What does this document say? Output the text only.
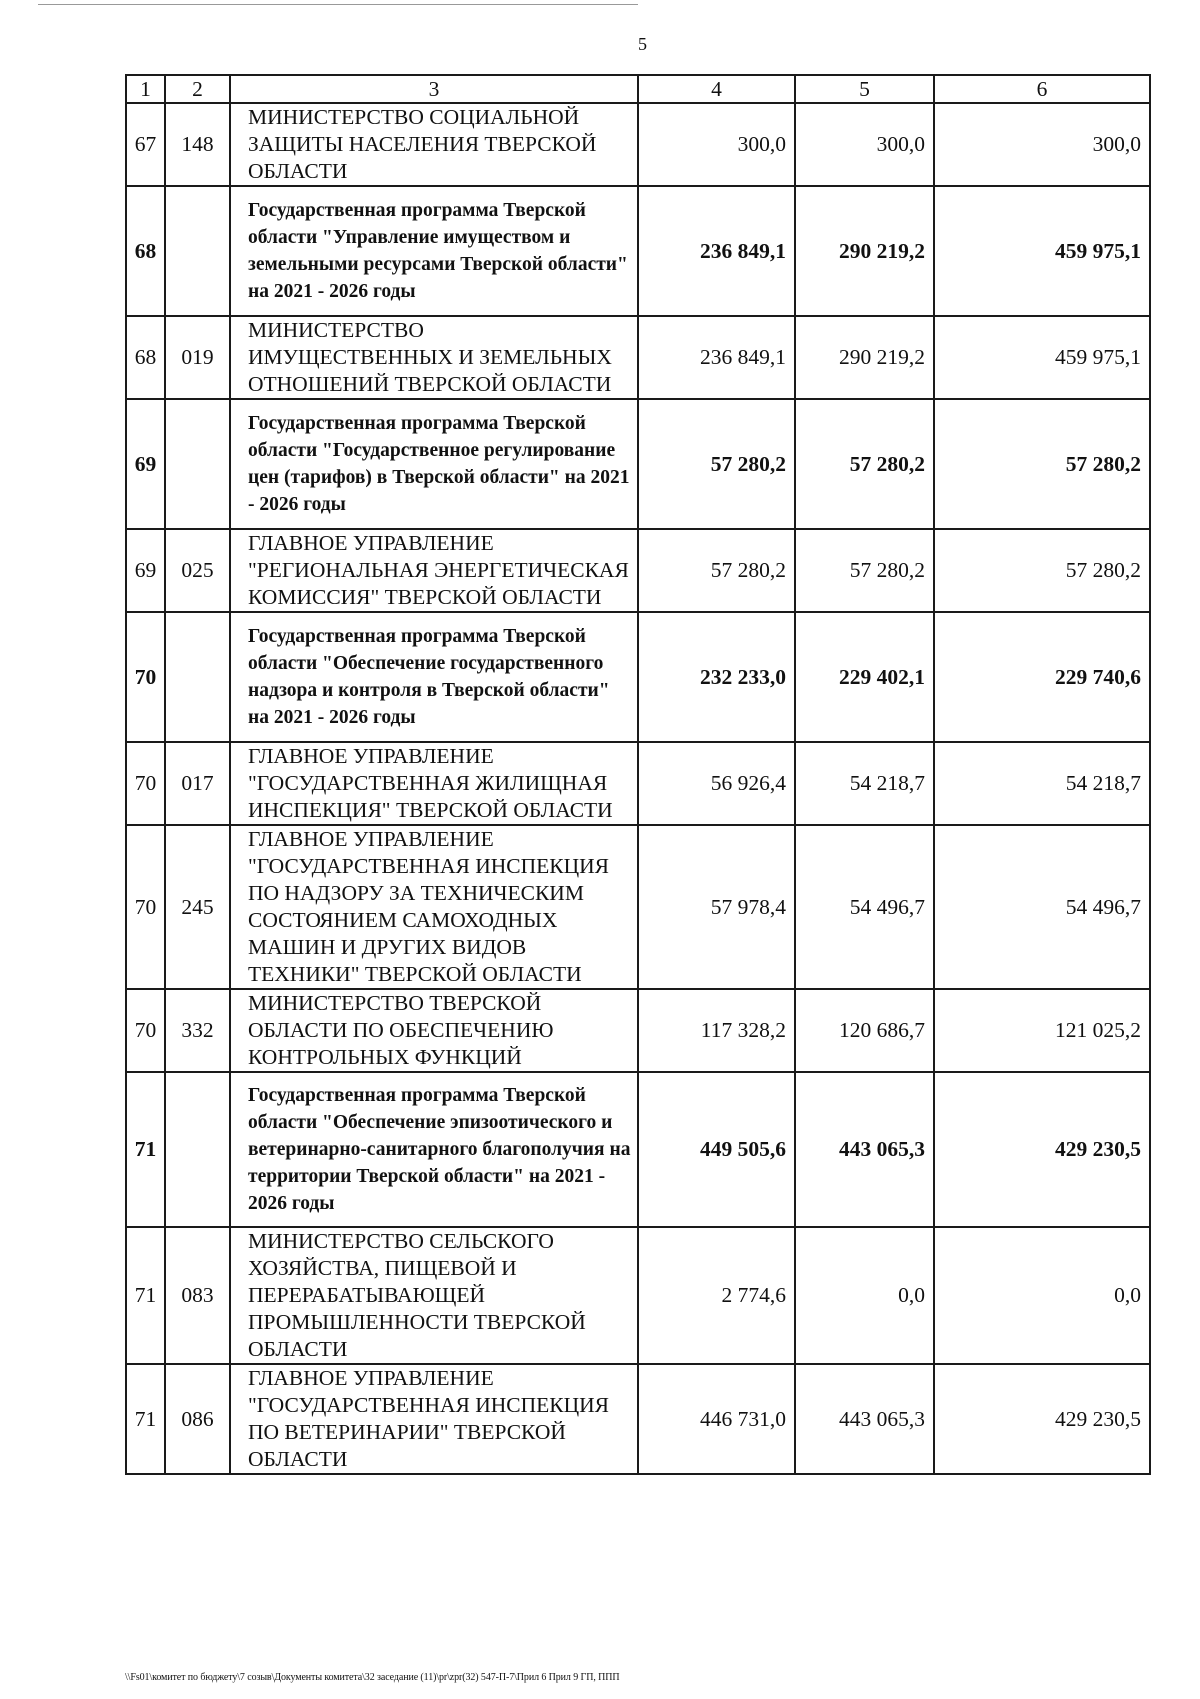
5
1	2	3	4	5	6
67	148	МИНИСТЕРСТВО СОЦИАЛЬНОЙ ЗАЩИТЫ НАСЕЛЕНИЯ ТВЕРСКОЙ ОБЛАСТИ	300,0	300,0	300,0
68		Государственная программа Тверской области "Управление имуществом и земельными ресурсами Тверской области" на 2021 - 2026 годы	236 849,1	290 219,2	459 975,1
68	019	МИНИСТЕРСТВО ИМУЩЕСТВЕННЫХ И ЗЕМЕЛЬНЫХ ОТНОШЕНИЙ ТВЕРСКОЙ ОБЛАСТИ	236 849,1	290 219,2	459 975,1
69		Государственная программа Тверской области "Государственное регулирование цен (тарифов) в Тверской области" на 2021 - 2026 годы	57 280,2	57 280,2	57 280,2
69	025	ГЛАВНОЕ УПРАВЛЕНИЕ "РЕГИОНАЛЬНАЯ ЭНЕРГЕТИЧЕСКАЯ КОМИССИЯ" ТВЕРСКОЙ ОБЛАСТИ	57 280,2	57 280,2	57 280,2
70		Государственная программа Тверской области "Обеспечение государственного надзора и контроля в Тверской области" на 2021 - 2026 годы	232 233,0	229 402,1	229 740,6
70	017	ГЛАВНОЕ УПРАВЛЕНИЕ "ГОСУДАРСТВЕННАЯ ЖИЛИЩНАЯ ИНСПЕКЦИЯ" ТВЕРСКОЙ ОБЛАСТИ	56 926,4	54 218,7	54 218,7
70	245	ГЛАВНОЕ УПРАВЛЕНИЕ "ГОСУДАРСТВЕННАЯ ИНСПЕКЦИЯ ПО НАДЗОРУ ЗА ТЕХНИЧЕСКИМ СОСТОЯНИЕМ САМОХОДНЫХ МАШИН И ДРУГИХ ВИДОВ ТЕХНИКИ" ТВЕРСКОЙ ОБЛАСТИ	57 978,4	54 496,7	54 496,7
70	332	МИНИСТЕРСТВО ТВЕРСКОЙ ОБЛАСТИ ПО ОБЕСПЕЧЕНИЮ КОНТРОЛЬНЫХ ФУНКЦИЙ	117 328,2	120 686,7	121 025,2
71		Государственная программа Тверской области "Обеспечение эпизоотического и ветеринарно-санитарного благополучия на территории Тверской области" на 2021 - 2026 годы	449 505,6	443 065,3	429 230,5
71	083	МИНИСТЕРСТВО СЕЛЬСКОГО ХОЗЯЙСТВА, ПИЩЕВОЙ И ПЕРЕРАБАТЫВАЮЩЕЙ ПРОМЫШЛЕННОСТИ ТВЕРСКОЙ ОБЛАСТИ	2 774,6	0,0	0,0
71	086	ГЛАВНОЕ УПРАВЛЕНИЕ "ГОСУДАРСТВЕННАЯ ИНСПЕКЦИЯ ПО ВЕТЕРИНАРИИ" ТВЕРСКОЙ ОБЛАСТИ	446 731,0	443 065,3	429 230,5
\\Fs01\комитет по бюджету\7 созыв\Документы комитета\32 заседание (11)\pr\zpr(32) 547-П-7\Прил 6 Прил 9 ГП, ППП
